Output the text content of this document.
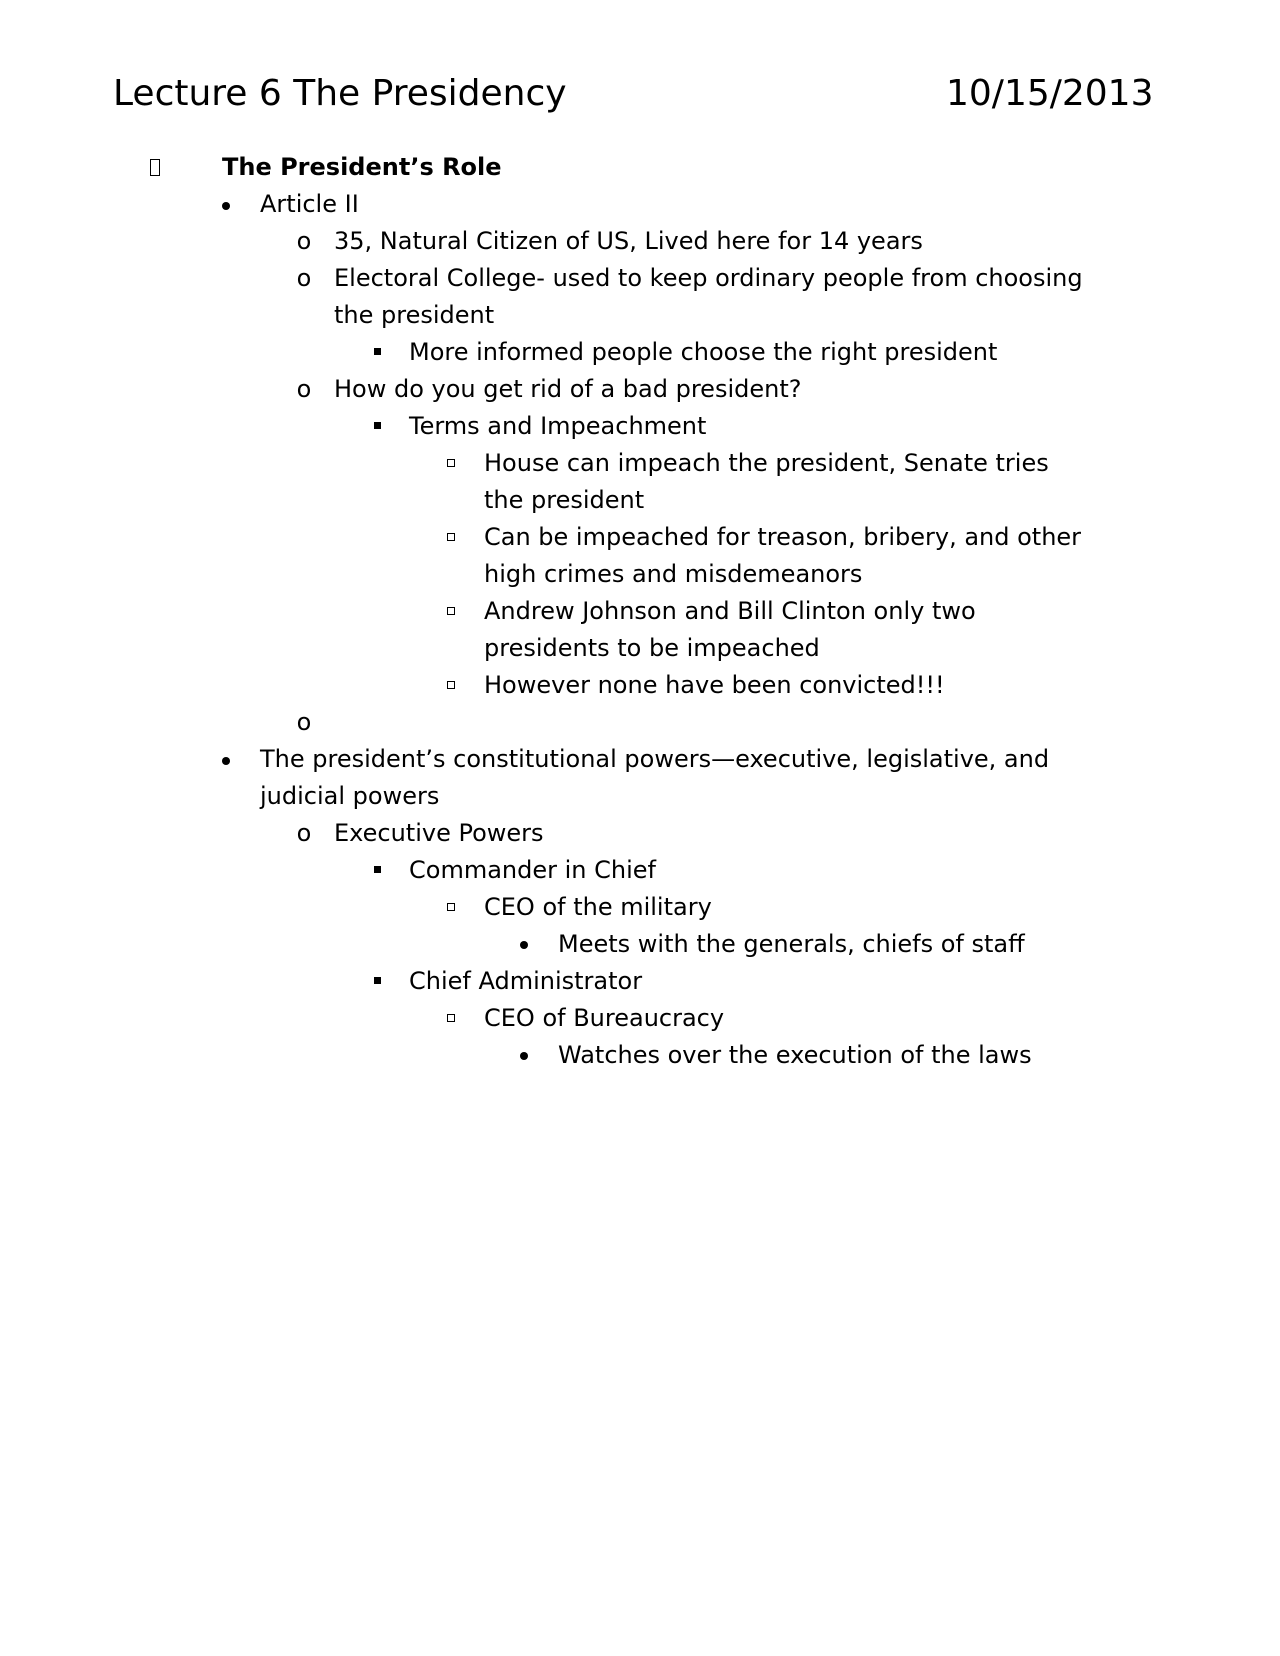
Lecture 6 The Presidency	10/15/2013
The President’s Role
Article II
o 35, Natural Citizen of US, Lived here for 14 years
o Electoral College- used to keep ordinary people from choosing
the president
More informed people choose the right president
o How do you get rid of a bad president?
Terms and Impeachment
House can impeach the president, Senate tries
the president
Can be impeached for treason, bribery, and other
high crimes and misdemeanors
Andrew Johnson and Bill Clinton only two
presidents to be impeached
However none have been convicted!!!
o
The president’s constitutional powers—executive, legislative, and
judicial powers
o Executive Powers
Commander in Chief
CEO of the military
Meets with the generals, chiefs of staff
Chief Administrator
CEO of Bureaucracy
Watches over the execution of the laws
